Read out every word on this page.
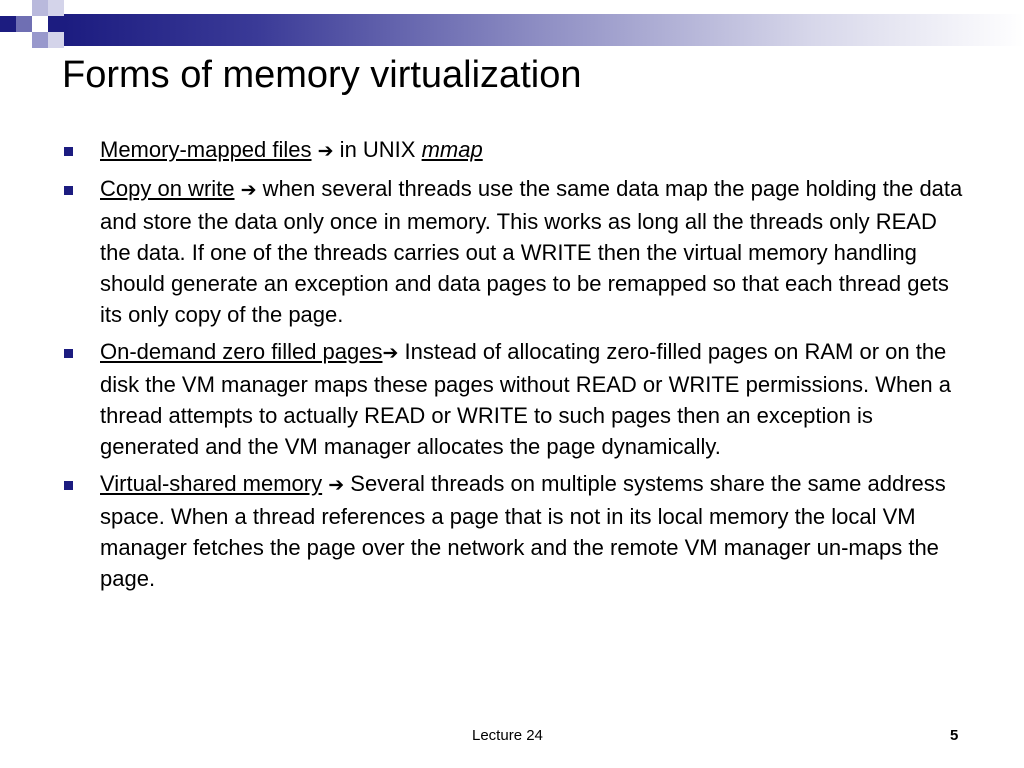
Forms of memory virtualization
Memory-mapped files ➔ in UNIX mmap
Copy on write ➔ when several threads use the same data map the page holding the data and store the data only once in memory. This works as long all the threads only READ the data. If one of the threads carries out a WRITE then the virtual memory handling should generate an exception and data pages to be remapped so that each thread gets its only copy of the page.
On-demand zero filled pages➔ Instead of allocating zero-filled pages on RAM or on the disk the VM manager maps these pages without READ or WRITE permissions. When a thread attempts to actually READ or WRITE to such pages then an exception is generated and the VM manager allocates the page dynamically.
Virtual-shared memory ➔ Several threads on multiple systems share the same address space. When a thread references a page that is not in its local memory the local VM manager fetches the page over the network and the remote VM manager un-maps the page.
Lecture 24	5
